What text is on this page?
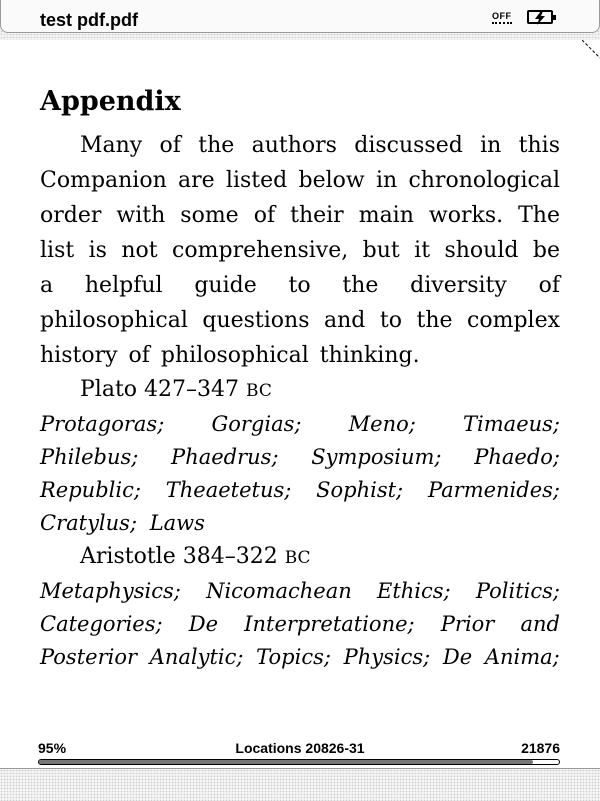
test pdf.pdf	OFF
Appendix

Many of the authors discussed in this Companion are listed below in chronological order with some of their main works. The list is not comprehensive, but it should be a helpful guide to the diversity of philosophical questions and to the complex history of philosophical thinking.

Plato 427–347 BC

Protagoras; Gorgias; Meno; Timaeus; Philebus; Phaedrus; Symposium; Phaedo; Republic; Theaetetus; Sophist; Parmenides; Cratylus; Laws

Aristotle 384–322 BC

Metaphysics; Nicomachean Ethics; Politics; Categories; De Interpretatione; Prior and Posterior Analytic; Topics; Physics; De Anima;

95%	Locations 20826-31	21876
